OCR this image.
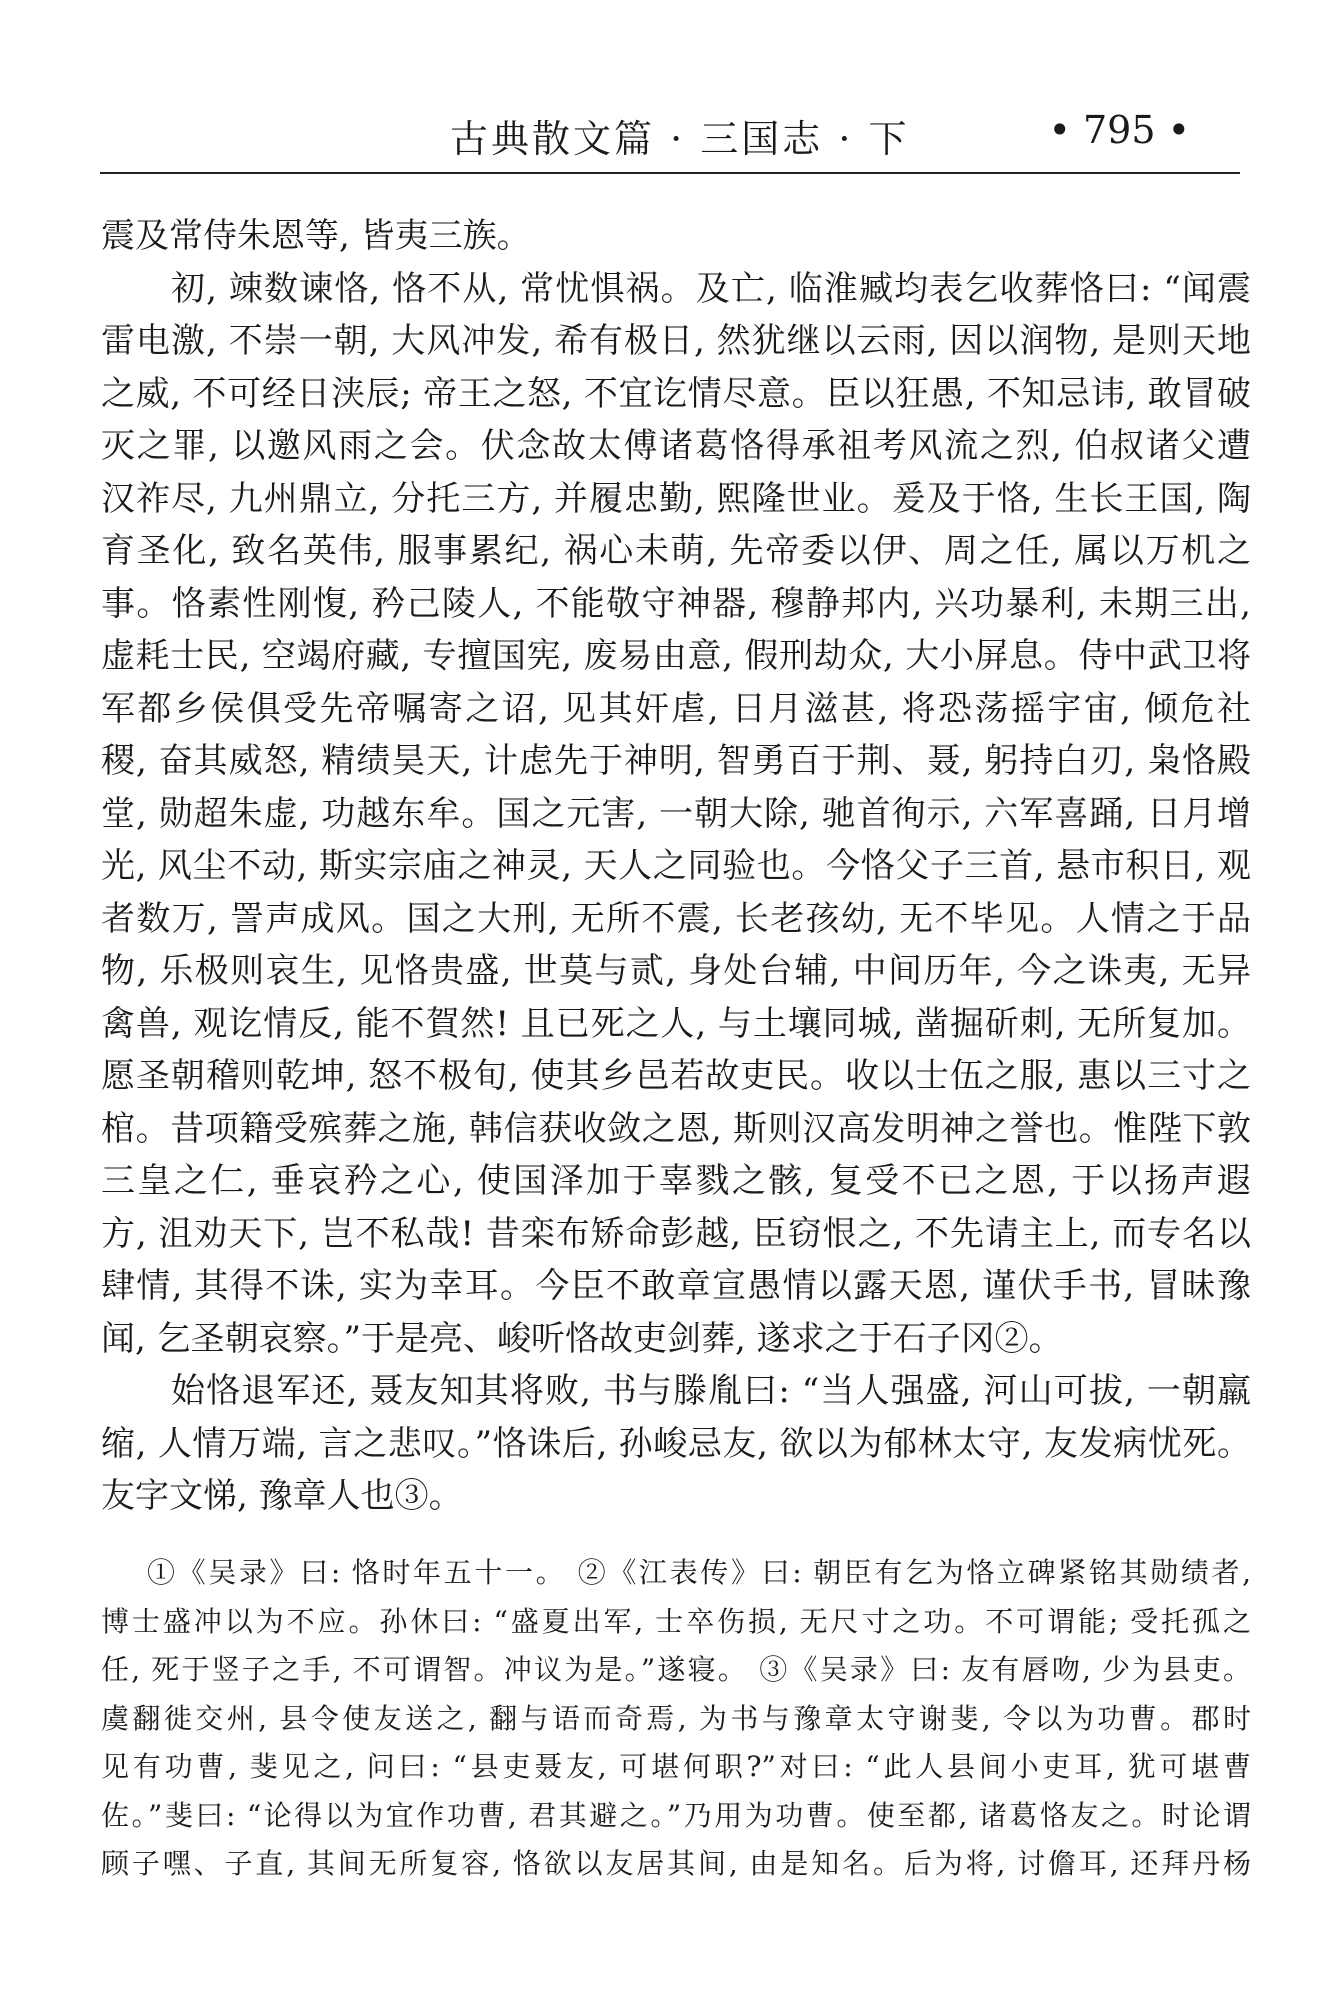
古典散文篇 · 三国志 · 下	• 795 •
震及常侍朱恩等, 皆夷三族。
初, 竦数谏恪, 恪不从, 常忧惧祸。及亡, 临淮臧均表乞收葬恪曰: “闻震
雷电激, 不崇一朝, 大风冲发, 希有极日, 然犹继以云雨, 因以润物, 是则天地
之威, 不可经日浃辰; 帝王之怒, 不宜讫情尽意。臣以狂愚, 不知忌讳, 敢冒破
灭之罪, 以邀风雨之会。伏念故太傅诸葛恪得承祖考风流之烈, 伯叔诸父遭
汉祚尽, 九州鼎立, 分托三方, 并履忠勤, 熙隆世业。爰及于恪, 生长王国, 陶
育圣化, 致名英伟, 服事累纪, 祸心未萌, 先帝委以伊、周之任, 属以万机之
事。恪素性刚愎, 矜己陵人, 不能敬守神器, 穆静邦内, 兴功暴利, 未期三出,
虚耗士民, 空竭府藏, 专擅国宪, 废易由意, 假刑劫众, 大小屏息。侍中武卫将
军都乡侯俱受先帝嘱寄之诏, 见其奸虐, 日月滋甚, 将恐荡摇宇宙, 倾危社
稷, 奋其威怒, 精绩昊天, 计虑先于神明, 智勇百于荆、聂, 躬持白刃, 枭恪殿
堂, 勋超朱虚, 功越东牟。国之元害, 一朝大除, 驰首徇示, 六军喜踊, 日月增
光, 风尘不动, 斯实宗庙之神灵, 天人之同验也。今恪父子三首, 悬市积日, 观
者数万, 詈声成风。国之大刑, 无所不震, 长老孩幼, 无不毕见。人情之于品
物, 乐极则哀生, 见恪贵盛, 世莫与贰, 身处台辅, 中间历年, 今之诛夷, 无异
禽兽, 观讫情反, 能不賀然! 且已死之人, 与土壤同城, 凿掘斫刺, 无所复加。
愿圣朝稽则乾坤, 怒不极旬, 使其乡邑若故吏民。收以士伍之服, 惠以三寸之
棺。昔项籍受殡葬之施, 韩信获收敛之恩, 斯则汉高发明神之誉也。惟陛下敦
三皇之仁, 垂哀矜之心, 使国泽加于辜戮之骸, 复受不已之恩, 于以扬声遐
方, 沮劝天下, 岂不私哉! 昔栾布矫命彭越, 臣窃恨之, 不先请主上, 而专名以
肆情, 其得不诛, 实为幸耳。今臣不敢章宣愚情以露天恩, 谨伏手书, 冒昧豫
闻, 乞圣朝哀察。”于是亮、峻听恪故吏剑葬, 遂求之于石子冈②。
始恪退军还, 聂友知其将败, 书与滕胤曰: “当人强盛, 河山可拔, 一朝羸
缩, 人情万端, 言之悲叹。”恪诛后, 孙峻忌友, 欲以为郁林太守, 友发病忧死。
友字文悌, 豫章人也③。
①《吴录》曰: 恪时年五十一。 ②《江表传》曰: 朝臣有乞为恪立碑紧铭其勋绩者,
博士盛冲以为不应。孙休曰: “盛夏出军, 士卒伤损, 无尺寸之功。不可谓能; 受托孤之
任, 死于竖子之手, 不可谓智。冲议为是。”遂寝。 ③《吴录》曰: 友有唇吻, 少为县吏。
虞翻徙交州, 县令使友送之, 翻与语而奇焉, 为书与豫章太守谢斐, 令以为功曹。郡时
见有功曹, 斐见之, 问曰: “县吏聂友, 可堪何职?”对曰: “此人县间小吏耳, 犹可堪曹
佐。”斐曰: “论得以为宜作功曹, 君其避之。”乃用为功曹。使至都, 诸葛恪友之。时论谓
顾子嘿、子直, 其间无所复容, 恪欲以友居其间, 由是知名。后为将, 讨儋耳, 还拜丹杨
